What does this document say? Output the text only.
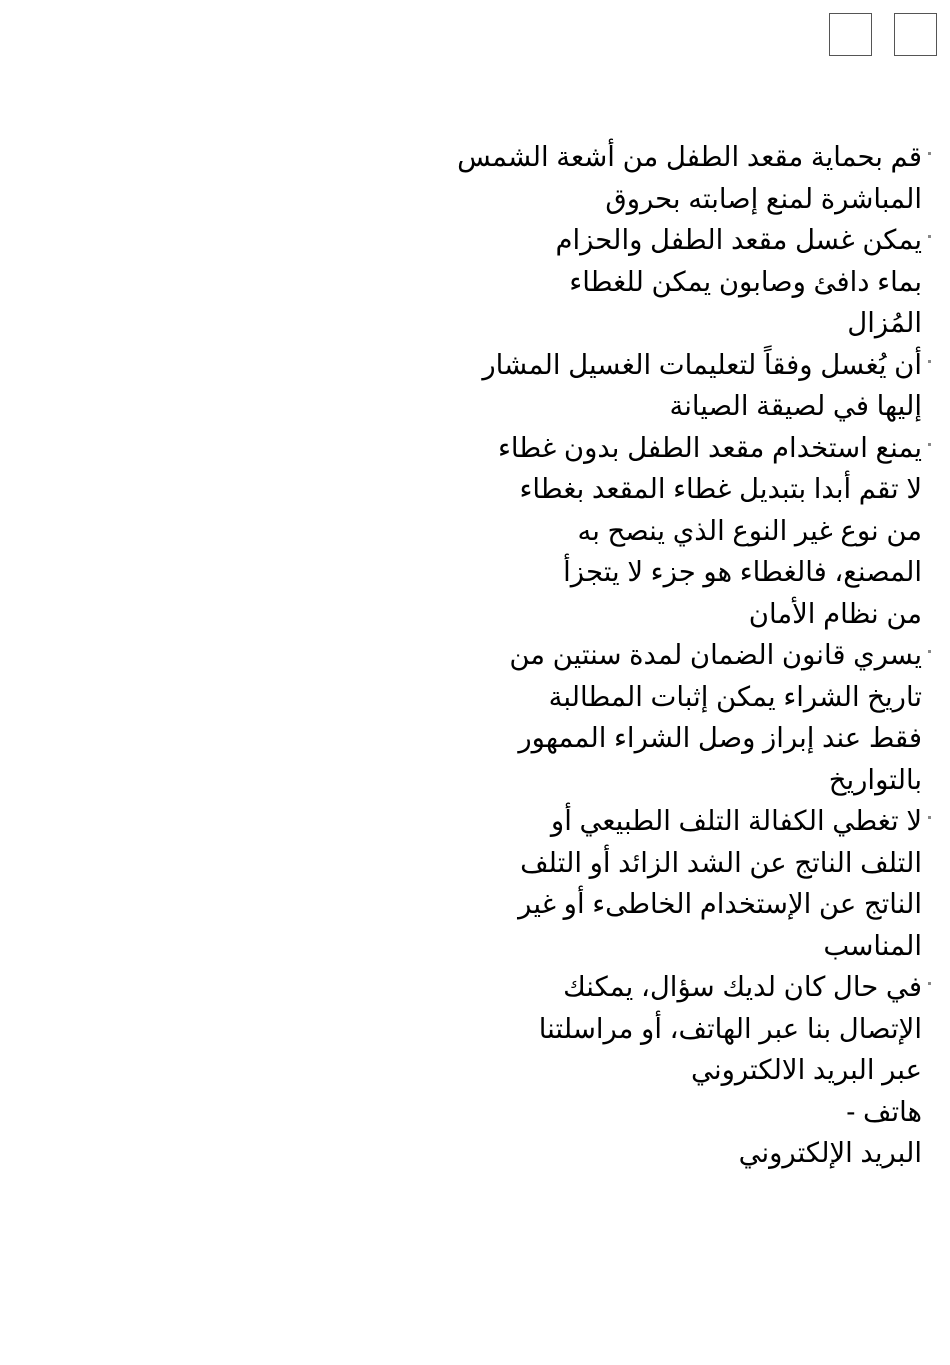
قم بحماية مقعد الطفل من أشعة الشمس
المباشرة لمنع إصابته بحروق
يمكن غسل مقعد الطفل والحزام
بماء دافئ وصابون يمكن للغطاء
المُزال
أن يُغسل وفقاً لتعليمات الغسيل المشار
إليها في لصيقة الصيانة
يمنع استخدام مقعد الطفل بدون غطاء
لا تقم أبدا بتبديل غطاء المقعد بغطاء
من نوع غير النوع الذي ينصح به
المصنع، فالغطاء هو جزء لا يتجزأ
من نظام الأمان
يسري قانون الضمان لمدة سنتين من
تاريخ الشراء يمكن إثبات المطالبة
فقط عند إبراز وصل الشراء الممهور
بالتواريخ
لا تغطي الكفالة التلف الطبيعي أو
التلف الناتج عن الشد الزائد أو التلف
الناتج عن الإستخدام الخاطىء أو غير
المناسب
في حال كان لديك سؤال، يمكنك
الإتصال بنا عبر الهاتف، أو مراسلتنا
عبر البريد الالكتروني
هاتف -
البريد الإلكتروني
